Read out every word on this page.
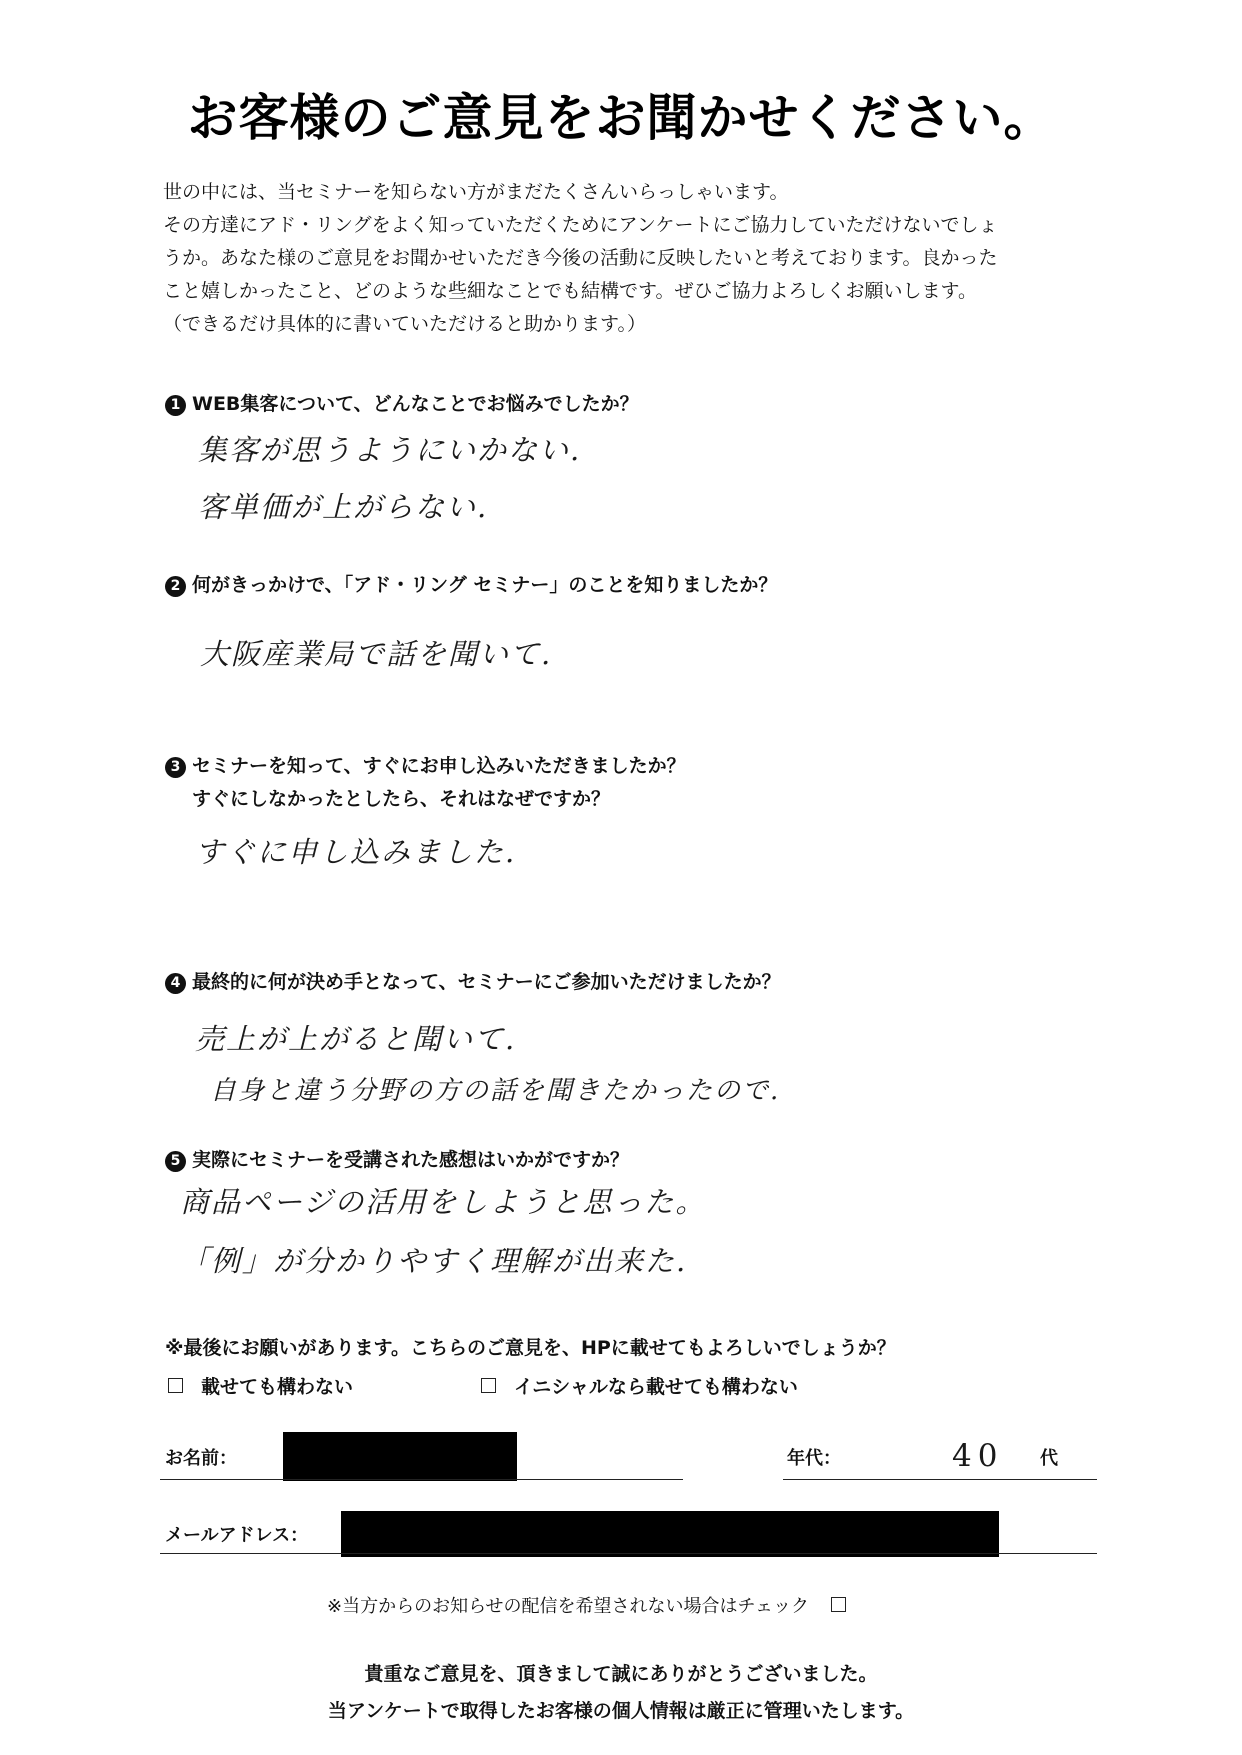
お客様のご意見をお聞かせください。
世の中には、当セミナーを知らない方がまだたくさんいらっしゃいます。
その方達にアド・リングをよく知っていただくためにアンケートにご協力していただけないでしょ
うか。あなた様のご意見をお聞かせいただき今後の活動に反映したいと考えております。良かった
こと嬉しかったこと、どのような些細なことでも結構です。ぜひご協力よろしくお願いします。
（できるだけ具体的に書いていただけると助かります。）
1 WEB集客について、どんなことでお悩みでしたか？
集客が思うようにいかない.
客単価が上がらない.
2 何がきっかけで、「アド・リング セミナー」のことを知りましたか？
大阪産業局で話を聞いて.
3 セミナーを知って、すぐにお申し込みいただきましたか？
すぐにしなかったとしたら、それはなぜですか？
すぐに申し込みました.
4 最終的に何が決め手となって、セミナーにご参加いただけましたか？
売上が上がると聞いて.
自身と違う分野の方の話を聞きたかったので.
5 実際にセミナーを受講された感想はいかがですか？
商品ページの活用をしようと思った。
「例」が分かりやすく理解が出来た.
※最後にお願いがあります。こちらのご意見を、HPに載せてもよろしいでしょうか？
載せても構わない	イニシャルなら載せても構わない
お名前：	年代：	40 代
メールアドレス：
※当方からのお知らせの配信を希望されない場合はチェック
貴重なご意見を、頂きまして誠にありがとうございました。
当アンケートで取得したお客様の個人情報は厳正に管理いたします。
